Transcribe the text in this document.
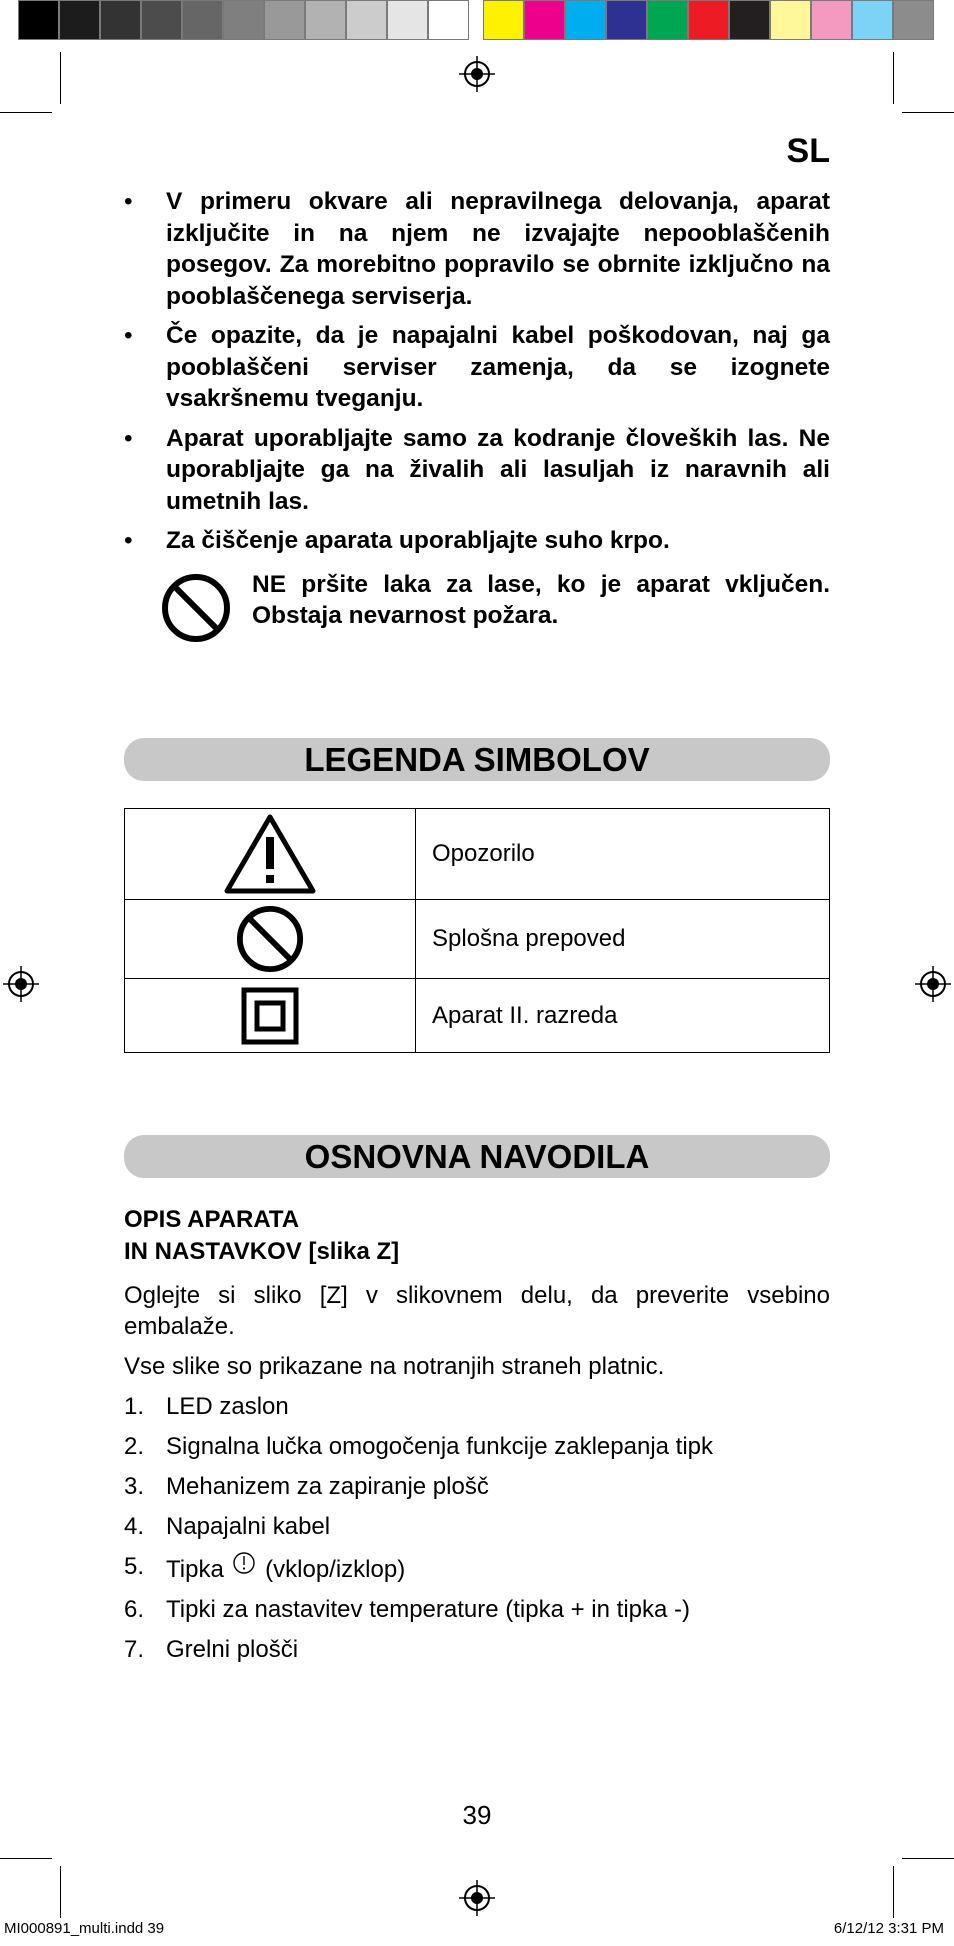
SL
• V primeru okvare ali nepravilnega delovanja, aparat izključite in na njem ne izvajajte nepooblaščenih posegov. Za morebitno popravilo se obrnite izključno na pooblaščenega serviserja.
• Če opazite, da je napajalni kabel poškodovan, naj ga pooblaščeni serviser zamenja, da se izognete vsakršnemu tveganju.
• Aparat uporabljajte samo za kodranje človeških las. Ne uporabljajte ga na živalih ali lasuljah iz naravnih ali umetnih las.
• Za čiščenje aparata uporabljajte suho krpo.
NE pršite laka za lase, ko je aparat vključen. Obstaja nevarnost požara.
LEGENDA SIMBOLOV
	Opozorilo

	Splošna prepoved

	Aparat II. razreda
OSNOVNA NAVODILA
OPIS APARATA
IN NASTAVKOV [slika Z]

Oglejte si sliko [Z] v slikovnem delu, da preverite vsebino embalaže.

Vse slike so prikazane na notranjih straneh platnic.

1. LED zaslon
2. Signalna lučka omogočenja funkcije zaklepanja tipk
3. Mehanizem za zapiranje plošč
4. Napajalni kabel
5. Tipka (vklop/izklop)
6. Tipki za nastavitev temperature (tipka + in tipka -)
7. Grelni plošči
39
MI000891_multi.indd 39	6/12/12 3:31 PM
